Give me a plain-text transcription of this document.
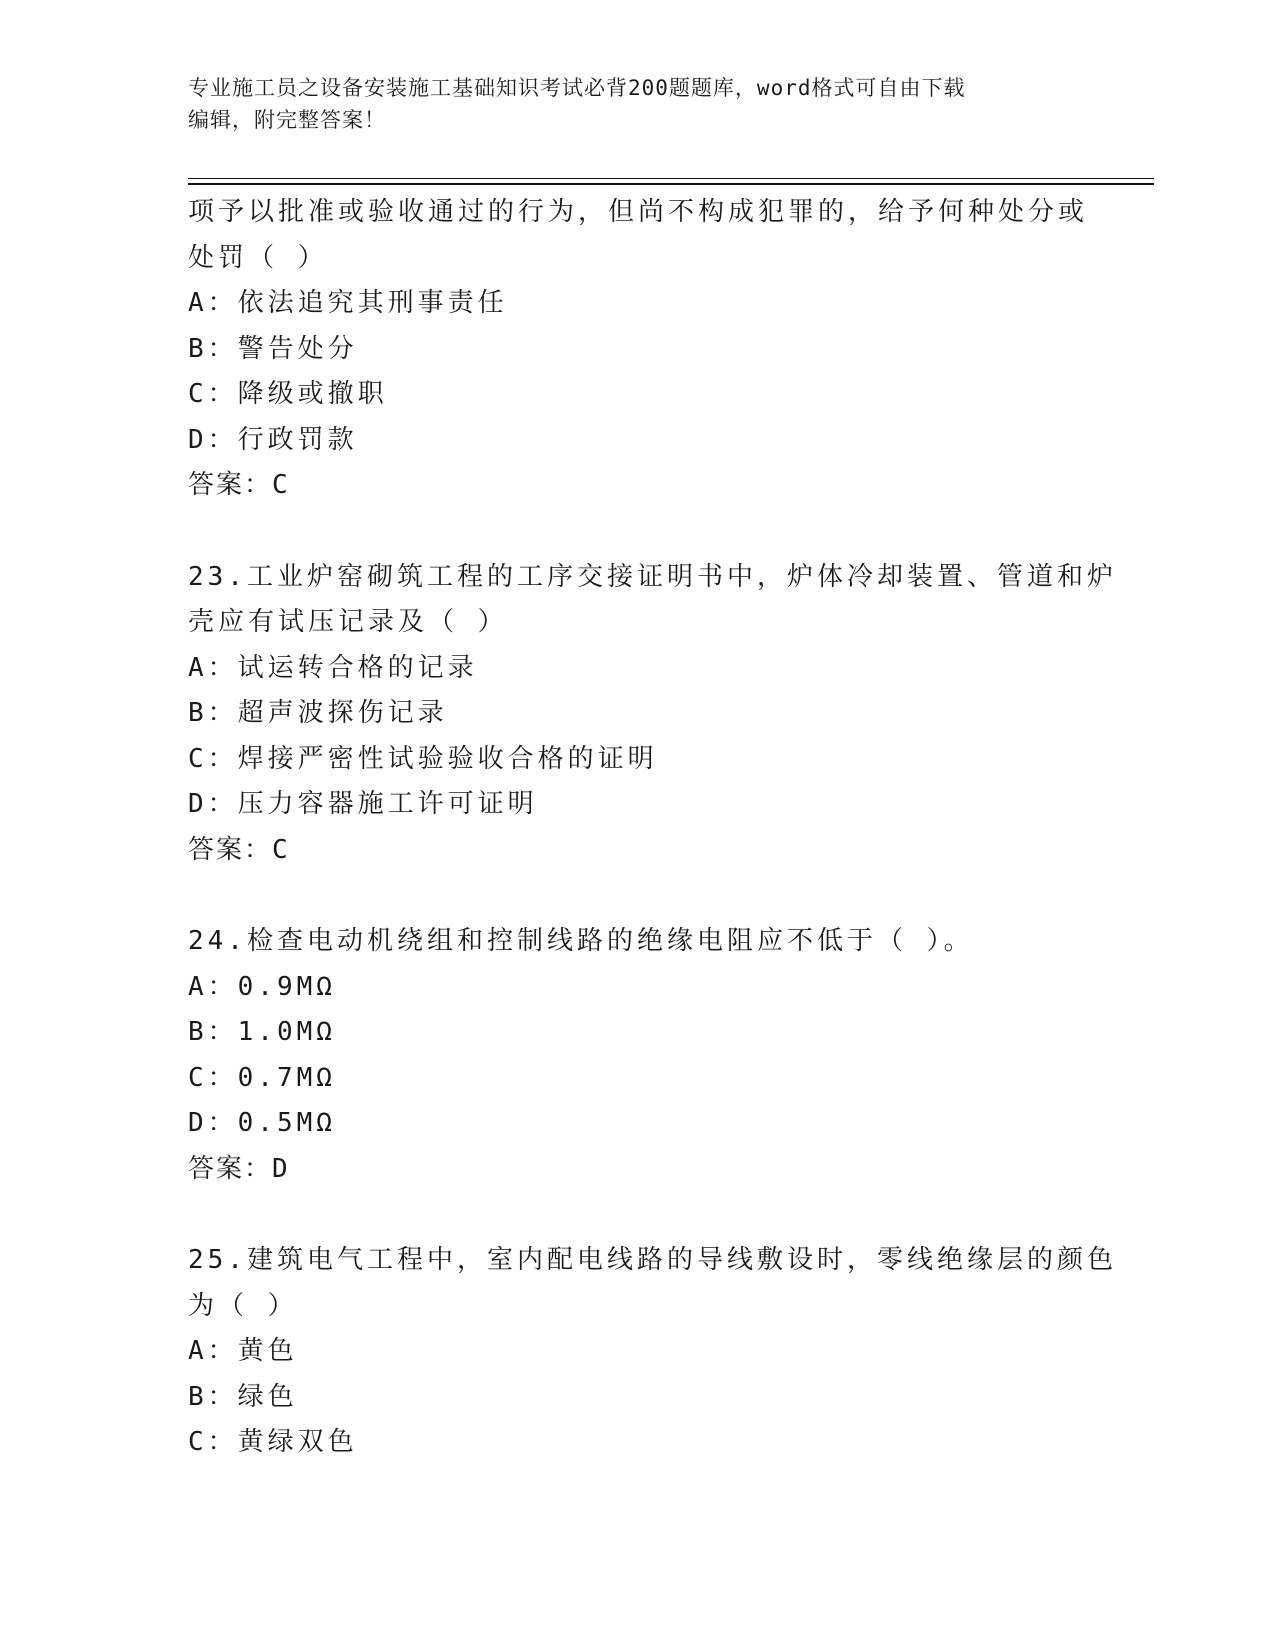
专业施工员之设备安装施工基础知识考试必背200题题库，word格式可自由下载
编辑，附完整答案！
项予以批准或验收通过的行为，但尚不构成犯罪的，给予何种处分或
处罚（ ）
A：依法追究其刑事责任
B：警告处分
C：降级或撤职
D：行政罚款
答案：C
23.工业炉窑砌筑工程的工序交接证明书中，炉体冷却装置、管道和炉
壳应有试压记录及（ ）
A：试运转合格的记录
B：超声波探伤记录
C：焊接严密性试验验收合格的证明
D：压力容器施工许可证明
答案：C
24.检查电动机绕组和控制线路的绝缘电阻应不低于（ ）。
A：0.9MΩ
B：1.0MΩ
C：0.7MΩ
D：0.5MΩ
答案：D
25.建筑电气工程中，室内配电线路的导线敷设时，零线绝缘层的颜色
为（ ）
A：黄色
B：绿色
C：黄绿双色
